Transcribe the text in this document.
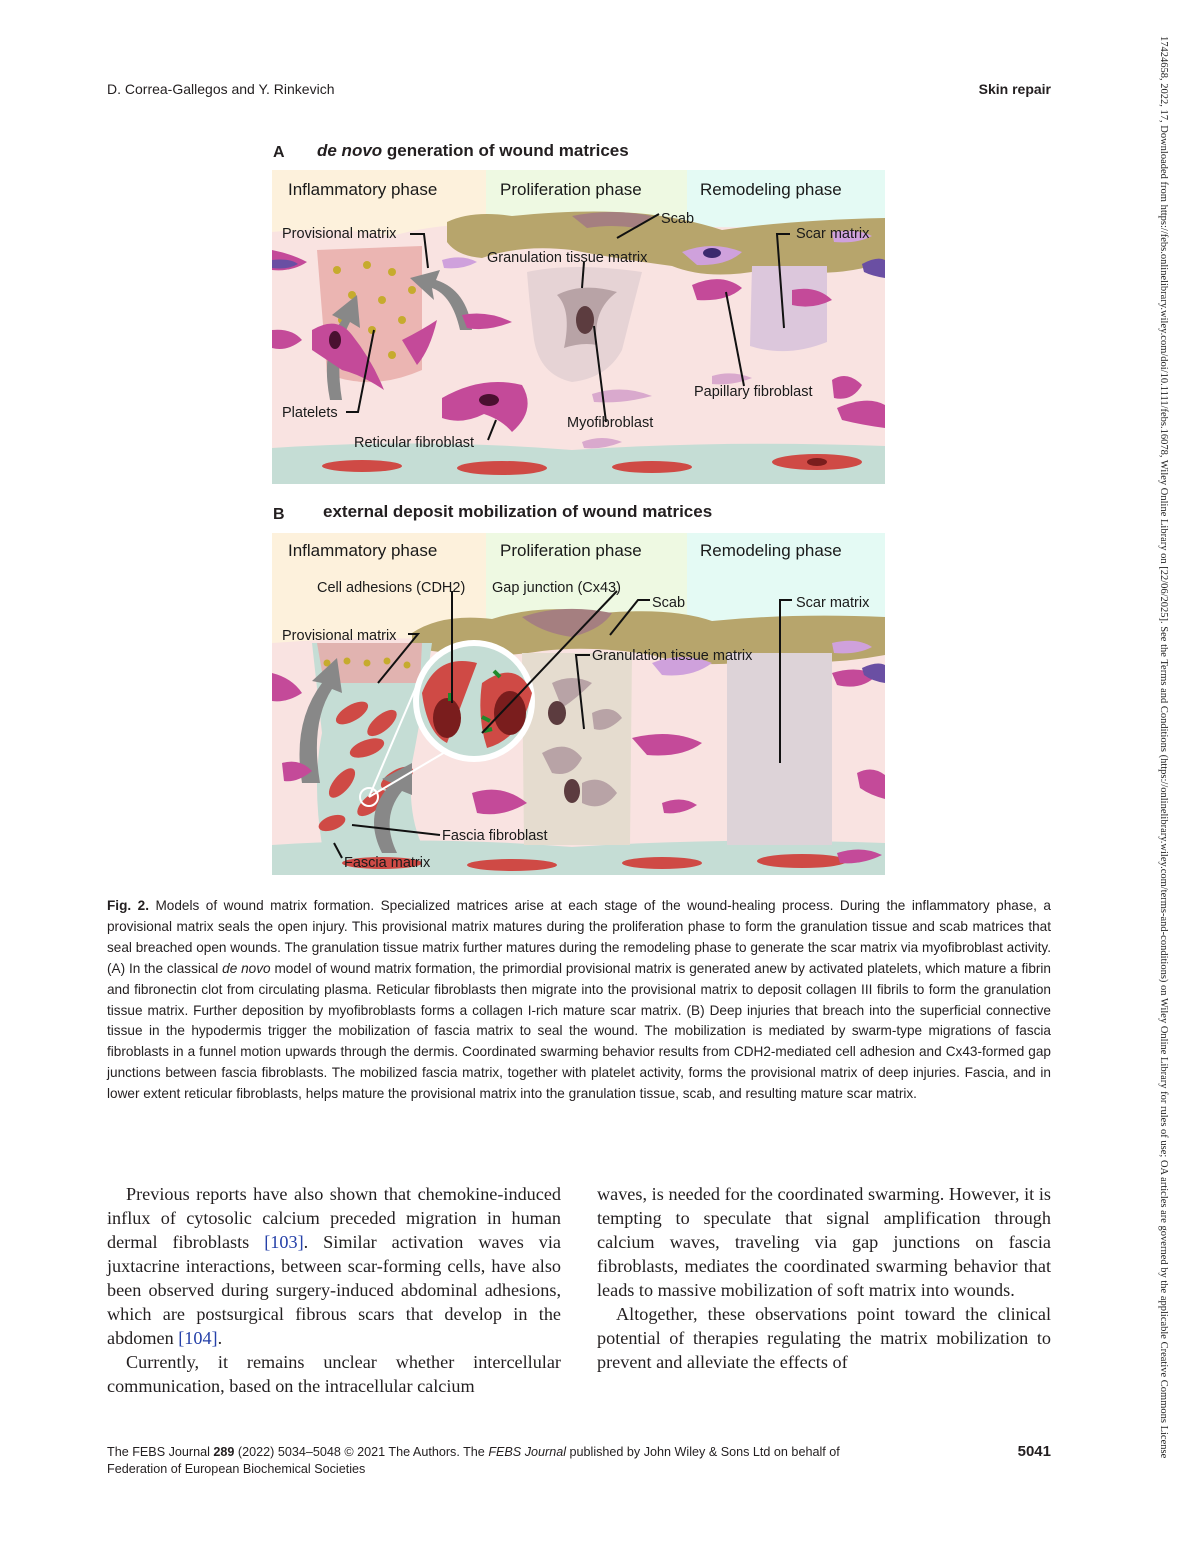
D. Correa-Gallegos and Y. Rinkevich	Skin repair	17424658, 2022, 17, Downloaded from https://febs.onlinelibrary.wiley.com/doi/10.1111/febs.16078, Wiley Online Library on [22/06/2025]. See the Terms and Conditions (https://onlinelibrary.wiley.com/terms-and-conditions) on Wiley Online Library for rules of use; OA articles are governed by the applicable Creative Commons License
A de novo generation of wound matrices
Inflammatory phase	Proliferation phase	Remodeling phase
Provisional matrix
Scab
Scar matrix
Granulation tissue matrix
Papillary fibroblast
Platelets
Myofibroblast
Reticular fibroblast
B external deposit mobilization of wound matrices
Inflammatory phase	Proliferation phase	Remodeling phase
Cell adhesions (CDH2) Gap junction (Cx43)
Scab	Scar matrix
Provisional matrix
Granulation tissue matrix
Fascia fibroblast
Fascia matrix
Fig. 2. Models of wound matrix formation. Specialized matrices arise at each stage of the wound-healing process. During the inflammatory phase, a provisional matrix seals the open injury. This provisional matrix matures during the proliferation phase to form the granulation tissue and scab matrices that seal breached open wounds. The granulation tissue matrix further matures during the remodeling phase to generate the scar matrix via myofibroblast activity. (A) In the classical de novo model of wound matrix formation, the primordial provisional matrix is generated anew by activated platelets, which mature a fibrin and fibronectin clot from circulating plasma. Reticular fibroblasts then migrate into the provisional matrix to deposit collagen III fibrils to form the granulation tissue matrix. Further deposition by myofibroblasts forms a collagen I-rich mature scar matrix. (B) Deep injuries that breach into the superficial connective tissue in the hypodermis trigger the mobilization of fascia matrix to seal the wound. The mobilization is mediated by swarm-type migrations of fascia fibroblasts in a funnel motion upwards through the dermis. Coordinated swarming behavior results from CDH2-mediated cell adhesion and Cx43-formed gap junctions between fascia fibroblasts. The mobilized fascia matrix, together with platelet activity, forms the provisional matrix of deep injuries. Fascia, and in lower extent reticular fibroblasts, helps mature the provisional matrix into the granulation tissue, scab, and resulting mature scar matrix.

Previous reports have also shown that chemokine-induced influx of cytosolic calcium preceded migration in human dermal fibroblasts [103]. Similar activation waves via juxtacrine interactions, between scar-forming cells, have also been observed during surgery-induced abdominal adhesions, which are postsurgical fibrous scars that develop in the abdomen [104].

Currently, it remains unclear whether intercellular communication, based on the intracellular calcium

waves, is needed for the coordinated swarming. However, it is tempting to speculate that signal amplification through calcium waves, traveling via gap junctions on fascia fibroblasts, mediates the coordinated swarming behavior that leads to massive mobilization of soft matrix into wounds.

Altogether, these observations point toward the clinical potential of therapies regulating the matrix mobilization to prevent and alleviate the effects of

The FEBS Journal 289 (2022) 5034–5048 © 2021 The Authors. The FEBS Journal published by John Wiley & Sons Ltd on behalf of
Federation of European Biochemical Societies
5041
